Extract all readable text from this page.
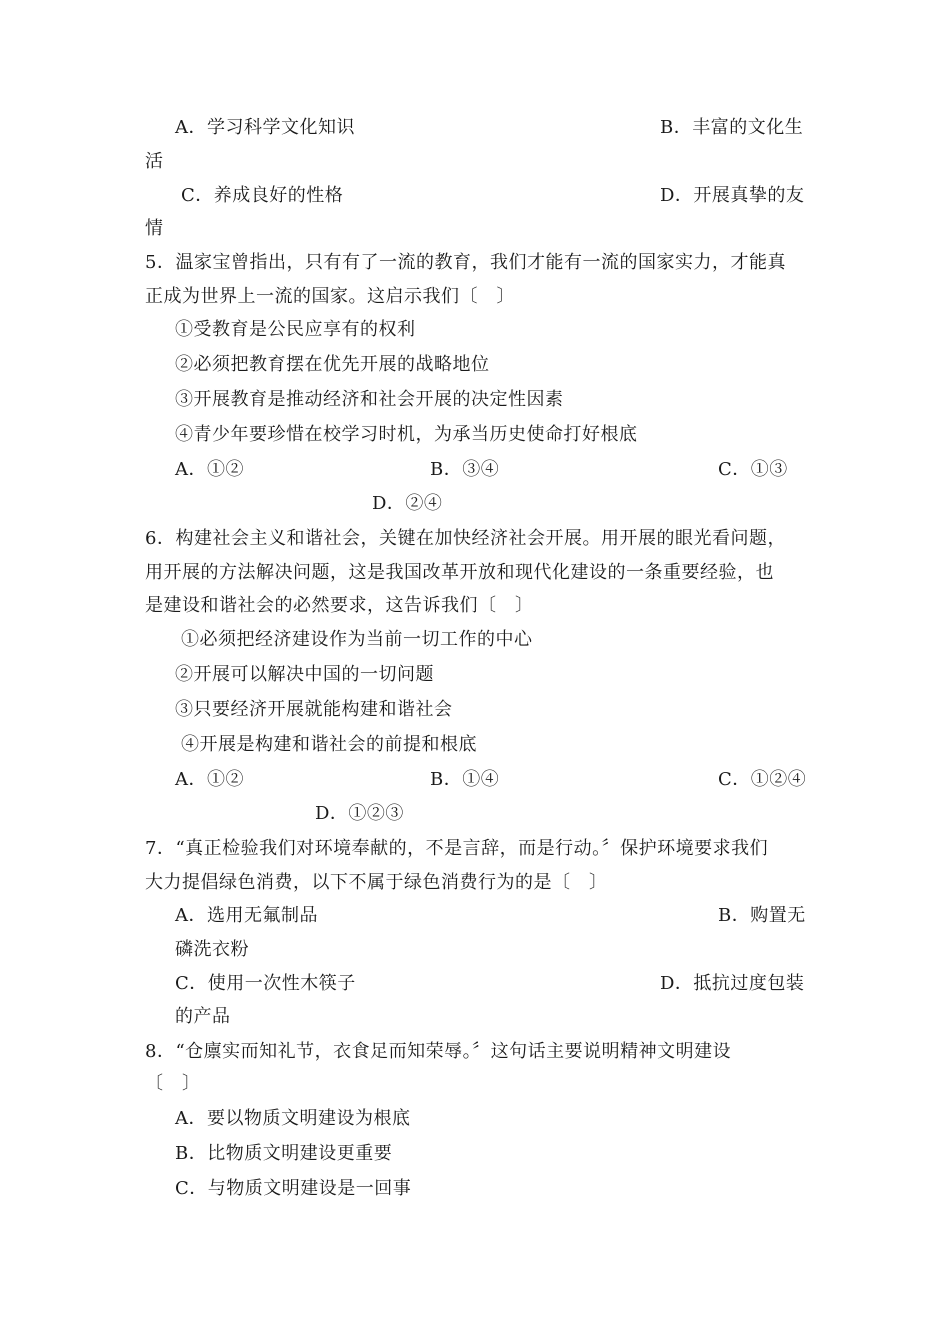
A．学习科学文化知识	B．丰富的文化生
活
C．养成良好的性格	D．开展真挚的友
情
5．温家宝曾指出，只有有了一流的教育，我们才能有一流的国家实力，才能真
正成为世界上一流的国家。这启示我们〔　〕
①受教育是公民应享有的权利
②必须把教育摆在优先开展的战略地位
③开展教育是推动经济和社会开展的决定性因素
④青少年要珍惜在校学习时机，为承当历史使命打好根底
A．①②	B．③④	C．①③
D．②④
6．构建社会主义和谐社会，关键在加快经济社会开展。用开展的眼光看问题，
用开展的方法解决问题，这是我国改革开放和现代化建设的一条重要经验，也
是建设和谐社会的必然要求，这告诉我们〔　〕
①必须把经济建设作为当前一切工作的中心
②开展可以解决中国的一切问题
③只要经济开展就能构建和谐社会
④开展是构建和谐社会的前提和根底
A．①②	B．①④	C．①②④
D．①②③
7．“真正检验我们对环境奉献的，不是言辞，而是行动。〞保护环境要求我们
大力提倡绿色消费，以下不属于绿色消费行为的是〔　〕
A．选用无氟制品	B．购置无
磷洗衣粉
C．使用一次性木筷子	D．抵抗过度包装
的产品
8．“仓廪实而知礼节，衣食足而知荣辱。〞这句话主要说明精神文明建设
〔　〕
A．要以物质文明建设为根底
B．比物质文明建设更重要
C．与物质文明建设是一回事
